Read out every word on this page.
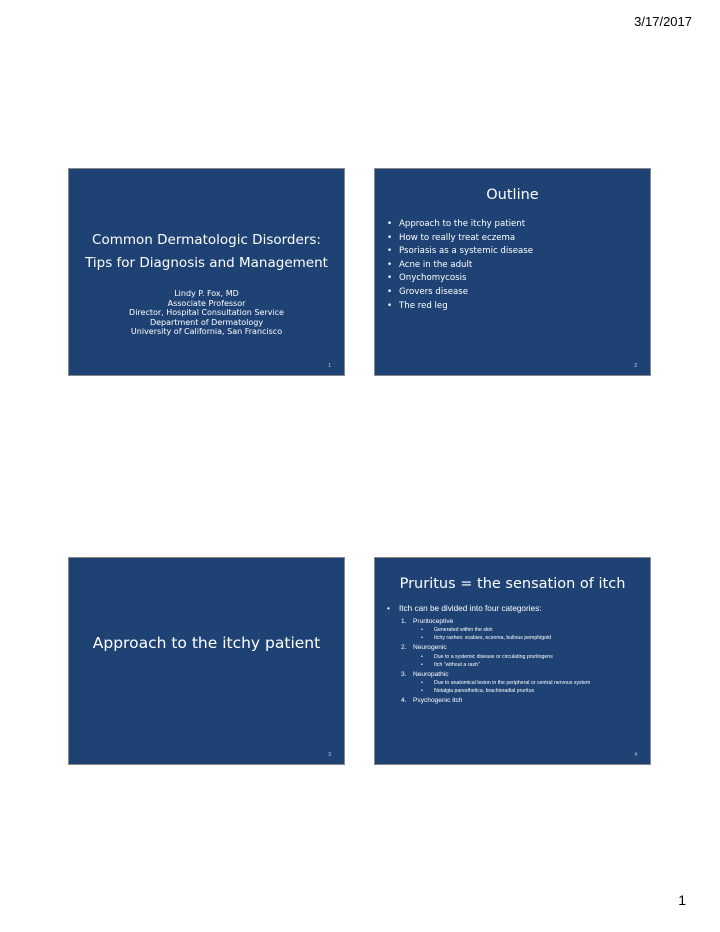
3/17/2017
Common Dermatologic Disorders:
Tips for Diagnosis and Management
Lindy P. Fox, MD
Associate Professor
Director, Hospital Consultation Service
Department of Dermatology
University of California, San Francisco
1
Outline
• Approach to the itchy patient
• How to really treat eczema
• Psoriasis as a systemic disease
• Acne in the adult
• Onychomycosis
• Grovers disease
• The red leg
2
Approach to the itchy patient
3
Pruritus = the sensation of itch
• Itch can be divided into four categories:
1. Pruritoceptive
• Generated within the skin
• Itchy rashes: scabies, eczema, bullous pemphigoid
2. Neurogenic
• Due to a systemic disease or circulating pruritogens
• Itch “without a rash”
3. Neuropathic
• Due to anatomical lesion in the peripheral or central nervous system
• Notalgia paresthetica, brachioradial pruritus
4. Psychogenic itch
4
1
